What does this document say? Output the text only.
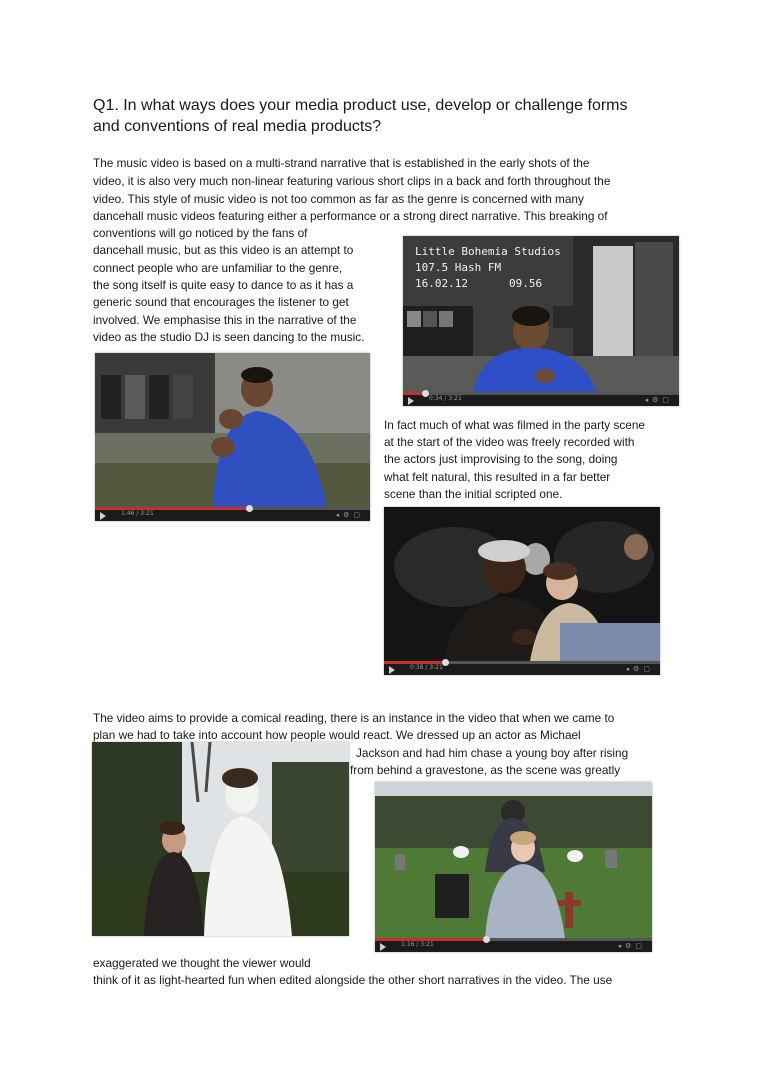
Q1. In what ways does your media product use, develop or challenge forms
and conventions of real media products?
The music video is based on a multi-strand narrative that is established in the early shots of the
video, it is also very much non-linear featuring various short clips in a back and forth throughout the
video. This style of music video is not too common as far as the genre is concerned with many
dancehall music videos featuring either a performance or a strong direct narrative. This breaking of
conventions will go noticed by the fans of
dancehall music, but as this video is an attempt to
connect people who are unfamiliar to the genre,
the song itself is quite easy to dance to as it has a
generic sound that encourages the listener to get
involved. We emphasise this in the narrative of the
video as the studio DJ is seen dancing to the music.
Little Bohemia Studios
107.5 Hash FM
16.02.12	09.56
0:34 / 3:21	◂⚙▢
1:46 / 3:21	◂⚙▢
In fact much of what was filmed in the party scene
at the start of the video was freely recorded with
the actors just improvising to the song, doing
what felt natural, this resulted in a far better
scene than the initial scripted one.
0:38 / 3:21	◂⚙▢
The video aims to provide a comical reading, there is an instance in the video that when we came to
plan we had to take into account how people would react. We dressed up an actor as Michael
Jackson and had him chase a young boy after rising
from behind a gravestone, as the scene was greatly
1:16 / 3:21	◂⚙▢
exaggerated we thought the viewer would
think of it as light-hearted fun when edited alongside the other short narratives in the video. The use
